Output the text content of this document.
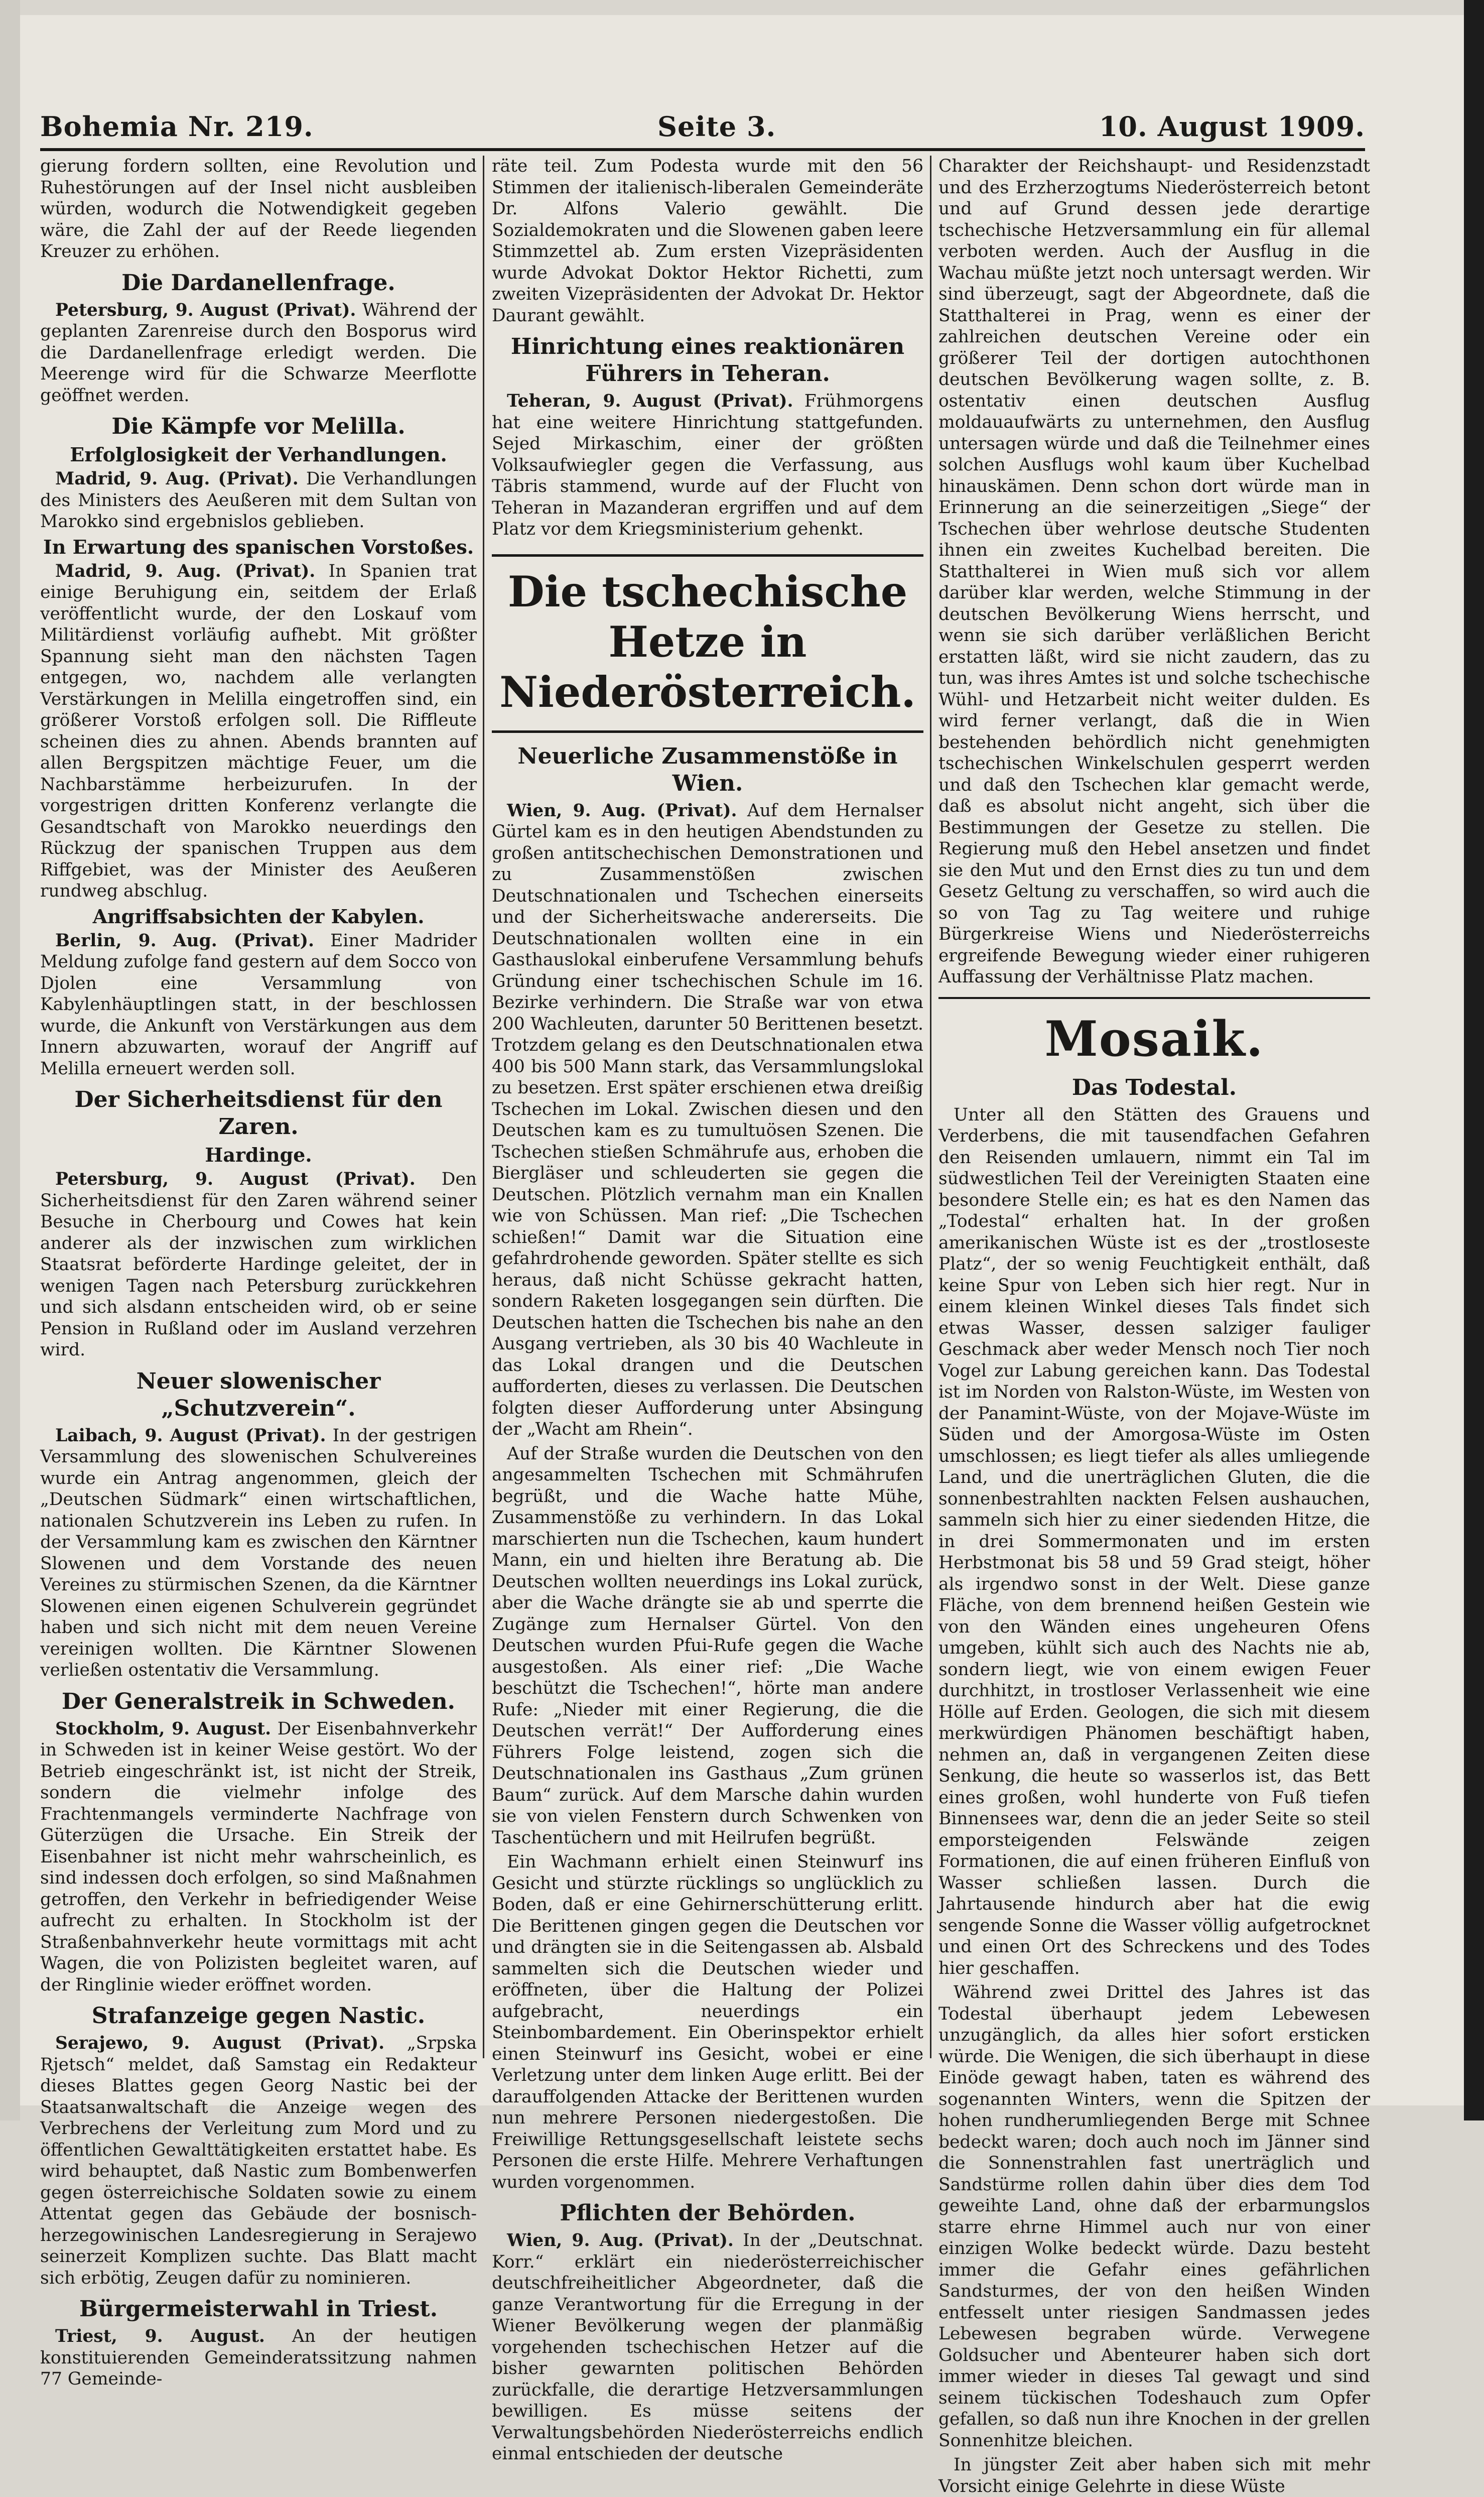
Bohemia Nr. 219.	Seite 3.	10. August 1909.

gierung fordern sollten, eine Revolution und Ruhestörungen auf der Insel nicht ausbleiben würden, wodurch die Notwendigkeit gegeben wäre, die Zahl der auf der Reede liegenden Kreuzer zu erhöhen.

Die Dardanellenfrage.

Petersburg, 9. August (Privat). Während der geplanten Zarenreise durch den Bosporus wird die Dardanellenfrage erledigt werden. Die Meerenge wird für die Schwarze Meerflotte geöffnet werden.

Die Kämpfe vor Melilla.
Erfolglosigkeit der Verhandlungen.

Madrid, 9. Aug. (Privat). Die Verhandlungen des Ministers des Aeußeren mit dem Sultan von Marokko sind ergebnislos geblieben.

In Erwartung des spanischen Vorstoßes.

Madrid, 9. Aug. (Privat). In Spanien trat einige Beruhigung ein, seitdem der Erlaß veröffentlicht wurde, der den Loskauf vom Militärdienst vorläufig aufhebt. Mit größter Spannung sieht man den nächsten Tagen entgegen, wo, nachdem alle verlangten Verstärkungen in Melilla eingetroffen sind, ein größerer Vorstoß erfolgen soll. Die Riffleute scheinen dies zu ahnen. Abends brannten auf allen Bergspitzen mächtige Feuer, um die Nachbarstämme herbeizurufen. In der vorgestrigen dritten Konferenz verlangte die Gesandtschaft von Marokko neuerdings den Rückzug der spanischen Truppen aus dem Riffgebiet, was der Minister des Aeußeren rundweg abschlug.

Angriffsabsichten der Kabylen.

Berlin, 9. Aug. (Privat). Einer Madrider Meldung zufolge fand gestern auf dem Socco von Djolen eine Versammlung von Kabylenhäuptlingen statt, in der beschlossen wurde, die Ankunft von Verstärkungen aus dem Innern abzuwarten, worauf der Angriff auf Melilla erneuert werden soll.

Der Sicherheitsdienst für den Zaren.
Hardinge.

Petersburg, 9. August (Privat). Den Sicherheitsdienst für den Zaren während seiner Besuche in Cherbourg und Cowes hat kein anderer als der inzwischen zum wirklichen Staatsrat beförderte Hardinge geleitet, der in wenigen Tagen nach Petersburg zurückkehren und sich alsdann entscheiden wird, ob er seine Pension in Rußland oder im Ausland verzehren wird.

Neuer slowenischer „Schutzverein“.

Laibach, 9. August (Privat). In der gestrigen Versammlung des slowenischen Schulvereines wurde ein Antrag angenommen, gleich der „Deutschen Südmark“ einen wirtschaftlichen, nationalen Schutzverein ins Leben zu rufen. In der Versammlung kam es zwischen den Kärntner Slowenen und dem Vorstande des neuen Vereines zu stürmischen Szenen, da die Kärntner Slowenen einen eigenen Schulverein gegründet haben und sich nicht mit dem neuen Vereine vereinigen wollten. Die Kärntner Slowenen verließen ostentativ die Versammlung.

Der Generalstreik in Schweden.

Stockholm, 9. August. Der Eisenbahnverkehr in Schweden ist in keiner Weise gestört. Wo der Betrieb eingeschränkt ist, ist nicht der Streik, sondern die vielmehr infolge des Frachtenmangels verminderte Nachfrage von Güterzügen die Ursache. Ein Streik der Eisenbahner ist nicht mehr wahrscheinlich, es sind indessen doch erfolgen, so sind Maßnahmen getroffen, den Verkehr in befriedigender Weise aufrecht zu erhalten. In Stockholm ist der Straßenbahnverkehr heute vormittags mit acht Wagen, die von Polizisten begleitet waren, auf der Ringlinie wieder eröffnet worden.

Strafanzeige gegen Nastic.

Serajewo, 9. August (Privat). „Srpska Rjetsch“ meldet, daß Samstag ein Redakteur dieses Blattes gegen Georg Nastic bei der Staatsanwaltschaft die Anzeige wegen des Verbrechens der Verleitung zum Mord und zu öffentlichen Gewalttätigkeiten erstattet habe. Es wird behauptet, daß Nastic zum Bombenwerfen gegen österreichische Soldaten sowie zu einem Attentat gegen das Gebäude der bosnisch-herzegowinischen Landesregierung in Serajewo seinerzeit Komplizen suchte. Das Blatt macht sich erbötig, Zeugen dafür zu nominieren.

Bürgermeisterwahl in Triest.

Triest, 9. August. An der heutigen konstituierenden Gemeinderatssitzung nahmen 77 Gemeinde-

räte teil. Zum Podesta wurde mit den 56 Stimmen der italienisch-liberalen Gemeinderäte Dr. Alfons Valerio gewählt. Die Sozialdemokraten und die Slowenen gaben leere Stimmzettel ab. Zum ersten Vizepräsidenten wurde Advokat Doktor Hektor Richetti, zum zweiten Vizepräsidenten der Advokat Dr. Hektor Daurant gewählt.

Hinrichtung eines reaktionären Führers in Teheran.

Teheran, 9. August (Privat). Frühmorgens hat eine weitere Hinrichtung stattgefunden. Sejed Mirkaschim, einer der größten Volksaufwiegler gegen die Verfassung, aus Täbris stammend, wurde auf der Flucht von Teheran in Mazanderan ergriffen und auf dem Platz vor dem Kriegsministerium gehenkt.

Die tschechische Hetze in Niederösterreich.
Neuerliche Zusammenstöße in Wien.

Wien, 9. Aug. (Privat). Auf dem Hernalser Gürtel kam es in den heutigen Abendstunden zu großen antitschechischen Demonstrationen und zu Zusammenstößen zwischen Deutschnationalen und Tschechen einerseits und der Sicherheitswache andererseits. Die Deutschnationalen wollten eine in ein Gasthauslokal einberufene Versammlung behufs Gründung einer tschechischen Schule im 16. Bezirke verhindern. Die Straße war von etwa 200 Wachleuten, darunter 50 Berittenen besetzt. Trotzdem gelang es den Deutschnationalen etwa 400 bis 500 Mann stark, das Versammlungslokal zu besetzen. Erst später erschienen etwa dreißig Tschechen im Lokal. Zwischen diesen und den Deutschen kam es zu tumultuösen Szenen. Die Tschechen stießen Schmährufe aus, erhoben die Biergläser und schleuderten sie gegen die Deutschen. Plötzlich vernahm man ein Knallen wie von Schüssen. Man rief: „Die Tschechen schießen!“ Damit war die Situation eine gefahrdrohende geworden. Später stellte es sich heraus, daß nicht Schüsse gekracht hatten, sondern Raketen losgegangen sein dürften. Die Deutschen hatten die Tschechen bis nahe an den Ausgang vertrieben, als 30 bis 40 Wachleute in das Lokal drangen und die Deutschen aufforderten, dieses zu verlassen. Die Deutschen folgten dieser Aufforderung unter Absingung der „Wacht am Rhein“.

Auf der Straße wurden die Deutschen von den angesammelten Tschechen mit Schmährufen begrüßt, und die Wache hatte Mühe, Zusammenstöße zu verhindern. In das Lokal marschierten nun die Tschechen, kaum hundert Mann, ein und hielten ihre Beratung ab. Die Deutschen wollten neuerdings ins Lokal zurück, aber die Wache drängte sie ab und sperrte die Zugänge zum Hernalser Gürtel. Von den Deutschen wurden Pfui-Rufe gegen die Wache ausgestoßen. Als einer rief: „Die Wache beschützt die Tschechen!“, hörte man andere Rufe: „Nieder mit einer Regierung, die die Deutschen verrät!“ Der Aufforderung eines Führers Folge leistend, zogen sich die Deutschnationalen ins Gasthaus „Zum grünen Baum“ zurück. Auf dem Marsche dahin wurden sie von vielen Fenstern durch Schwenken von Taschentüchern und mit Heilrufen begrüßt.

Ein Wachmann erhielt einen Steinwurf ins Gesicht und stürzte rücklings so unglücklich zu Boden, daß er eine Gehirnerschütterung erlitt. Die Berittenen gingen gegen die Deutschen vor und drängten sie in die Seitengassen ab. Alsbald sammelten sich die Deutschen wieder und eröffneten, über die Haltung der Polizei aufgebracht, neuerdings ein Steinbombardement. Ein Oberinspektor erhielt einen Steinwurf ins Gesicht, wobei er eine Verletzung unter dem linken Auge erlitt. Bei der darauffolgenden Attacke der Berittenen wurden nun mehrere Personen niedergestoßen. Die Freiwillige Rettungsgesellschaft leistete sechs Personen die erste Hilfe. Mehrere Verhaftungen wurden vorgenommen.

Pflichten der Behörden.

Wien, 9. Aug. (Privat). In der „Deutschnat. Korr.“ erklärt ein niederösterreichischer deutschfreiheitlicher Abgeordneter, daß die ganze Verantwortung für die Erregung in der Wiener Bevölkerung wegen der planmäßig vorgehenden tschechischen Hetzer auf die bisher gewarnten politischen Behörden zurückfalle, die derartige Hetzversammlungen bewilligen. Es müsse seitens der Verwaltungsbehörden Niederösterreichs endlich einmal entschieden der deutsche

Charakter der Reichshaupt- und Residenzstadt und des Erzherzogtums Niederösterreich betont und auf Grund dessen jede derartige tschechische Hetzversammlung ein für allemal verboten werden. Auch der Ausflug in die Wachau müßte jetzt noch untersagt werden. Wir sind überzeugt, sagt der Abgeordnete, daß die Statthalterei in Prag, wenn es einer der zahlreichen deutschen Vereine oder ein größerer Teil der dortigen autochthonen deutschen Bevölkerung wagen sollte, z. B. ostentativ einen deutschen Ausflug moldauaufwärts zu unternehmen, den Ausflug untersagen würde und daß die Teilnehmer eines solchen Ausflugs wohl kaum über Kuchelbad hinauskämen. Denn schon dort würde man in Erinnerung an die seinerzeitigen „Siege“ der Tschechen über wehrlose deutsche Studenten ihnen ein zweites Kuchelbad bereiten. Die Statthalterei in Wien muß sich vor allem darüber klar werden, welche Stimmung in der deutschen Bevölkerung Wiens herrscht, und wenn sie sich darüber verläßlichen Bericht erstatten läßt, wird sie nicht zaudern, das zu tun, was ihres Amtes ist und solche tschechische Wühl- und Hetzarbeit nicht weiter dulden. Es wird ferner verlangt, daß die in Wien bestehenden behördlich nicht genehmigten tschechischen Winkelschulen gesperrt werden und daß den Tschechen klar gemacht werde, daß es absolut nicht angeht, sich über die Bestimmungen der Gesetze zu stellen. Die Regierung muß den Hebel ansetzen und findet sie den Mut und den Ernst dies zu tun und dem Gesetz Geltung zu verschaffen, so wird auch die so von Tag zu Tag weitere und ruhige Bürgerkreise Wiens und Niederösterreichs ergreifende Bewegung wieder einer ruhigeren Auffassung der Verhältnisse Platz machen.

Mosaik.
Das Todestal.

Unter all den Stätten des Grauens und Verderbens, die mit tausendfachen Gefahren den Reisenden umlauern, nimmt ein Tal im südwestlichen Teil der Vereinigten Staaten eine besondere Stelle ein; es hat es den Namen das „Todestal“ erhalten hat. In der großen amerikanischen Wüste ist es der „trostloseste Platz“, der so wenig Feuchtigkeit enthält, daß keine Spur von Leben sich hier regt. Nur in einem kleinen Winkel dieses Tals findet sich etwas Wasser, dessen salziger fauliger Geschmack aber weder Mensch noch Tier noch Vogel zur Labung gereichen kann. Das Todestal ist im Norden von Ralston-Wüste, im Westen von der Panamint-Wüste, von der Mojave-Wüste im Süden und der Amorgosa-Wüste im Osten umschlossen; es liegt tiefer als alles umliegende Land, und die unerträglichen Gluten, die die sonnenbestrahlten nackten Felsen aushauchen, sammeln sich hier zu einer siedenden Hitze, die in drei Sommermonaten und im ersten Herbstmonat bis 58 und 59 Grad steigt, höher als irgendwo sonst in der Welt. Diese ganze Fläche, von dem brennend heißen Gestein wie von den Wänden eines ungeheuren Ofens umgeben, kühlt sich auch des Nachts nie ab, sondern liegt, wie von einem ewigen Feuer durchhitzt, in trostloser Verlassenheit wie eine Hölle auf Erden. Geologen, die sich mit diesem merkwürdigen Phänomen beschäftigt haben, nehmen an, daß in vergangenen Zeiten diese Senkung, die heute so wasserlos ist, das Bett eines großen, wohl hunderte von Fuß tiefen Binnensees war, denn die an jeder Seite so steil emporsteigenden Felswände zeigen Formationen, die auf einen früheren Einfluß von Wasser schließen lassen. Durch die Jahrtausende hindurch aber hat die ewig sengende Sonne die Wasser völlig aufgetrocknet und einen Ort des Schreckens und des Todes hier geschaffen.

Während zwei Drittel des Jahres ist das Todestal überhaupt jedem Lebewesen unzugänglich, da alles hier sofort ersticken würde. Die Wenigen, die sich überhaupt in diese Einöde gewagt haben, taten es während des sogenannten Winters, wenn die Spitzen der hohen rundherumliegenden Berge mit Schnee bedeckt waren; doch auch noch im Jänner sind die Sonnenstrahlen fast unerträglich und Sandstürme rollen dahin über dies dem Tod geweihte Land, ohne daß der erbarmungslos starre ehrne Himmel auch nur von einer einzigen Wolke bedeckt würde. Dazu besteht immer die Gefahr eines gefährlichen Sandsturmes, der von den heißen Winden entfesselt unter riesigen Sandmassen jedes Lebewesen begraben würde. Verwegene Goldsucher und Abenteurer haben sich dort immer wieder in dieses Tal gewagt und sind seinem tückischen Todeshauch zum Opfer gefallen, so daß nun ihre Knochen in der grellen Sonnenhitze bleichen.

In jüngster Zeit aber haben sich mit mehr Vorsicht einige Gelehrte in diese Wüste
